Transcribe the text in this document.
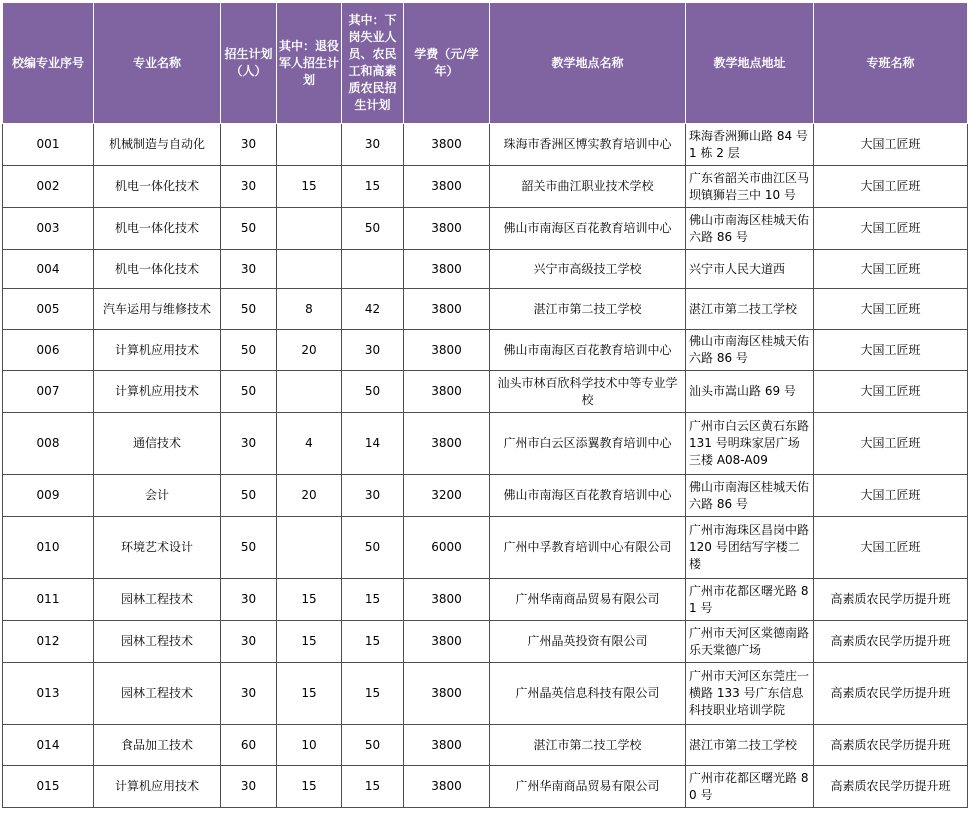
校编专业序号	专业名称	招生计划（人）	其中：退役军人招生计划	其中：下岗失业人员、农民工和高素质农民招生计划	学费（元/学年）	教学地点名称	教学地点地址	专班名称
001	机械制造与自动化	30		30	3800	珠海市香洲区博实教育培训中心	珠海香洲狮山路 84 号 1 栋 2 层	大国工匠班
002	机电一体化技术	30	15	15	3800	韶关市曲江职业技术学校	广东省韶关市曲江区马坝镇狮岩三中 10 号	大国工匠班
003	机电一体化技术	50		50	3800	佛山市南海区百花教育培训中心	佛山市南海区桂城天佑六路 86 号	大国工匠班
004	机电一体化技术	30			3800	兴宁市高级技工学校	兴宁市人民大道西	大国工匠班
005	汽车运用与维修技术	50	8	42	3800	湛江市第二技工学校	湛江市第二技工学校	大国工匠班
006	计算机应用技术	50	20	30	3800	佛山市南海区百花教育培训中心	佛山市南海区桂城天佑六路 86 号	大国工匠班
007	计算机应用技术	50		50	3800	汕头市林百欣科学技术中等专业学校	汕头市嵩山路 69 号	大国工匠班
008	通信技术	30	4	14	3800	广州市白云区添翼教育培训中心	广州市白云区黄石东路 131 号明珠家居广场三楼 A08-A09	大国工匠班
009	会计	50	20	30	3200	佛山市南海区百花教育培训中心	佛山市南海区桂城天佑六路 86 号	大国工匠班
010	环境艺术设计	50		50	6000	广州中孚教育培训中心有限公司	广州市海珠区昌岗中路 120 号团结写字楼二楼	大国工匠班
011	园林工程技术	30	15	15	3800	广州华南商品贸易有限公司	广州市花都区曙光路 81 号	高素质农民学历提升班
012	园林工程技术	30	15	15	3800	广州晶英投资有限公司	广州市天河区棠德南路乐天棠德广场	高素质农民学历提升班
013	园林工程技术	30	15	15	3800	广州晶英信息科技有限公司	广州市天河区东莞庄一横路 133 号广东信息科技职业培训学院	高素质农民学历提升班
014	食品加工技术	60	10	50	3800	湛江市第二技工学校	湛江市第二技工学校	高素质农民学历提升班
015	计算机应用技术	30	15	15	3800	广州华南商品贸易有限公司	广州市花都区曙光路 80 号	高素质农民学历提升班
